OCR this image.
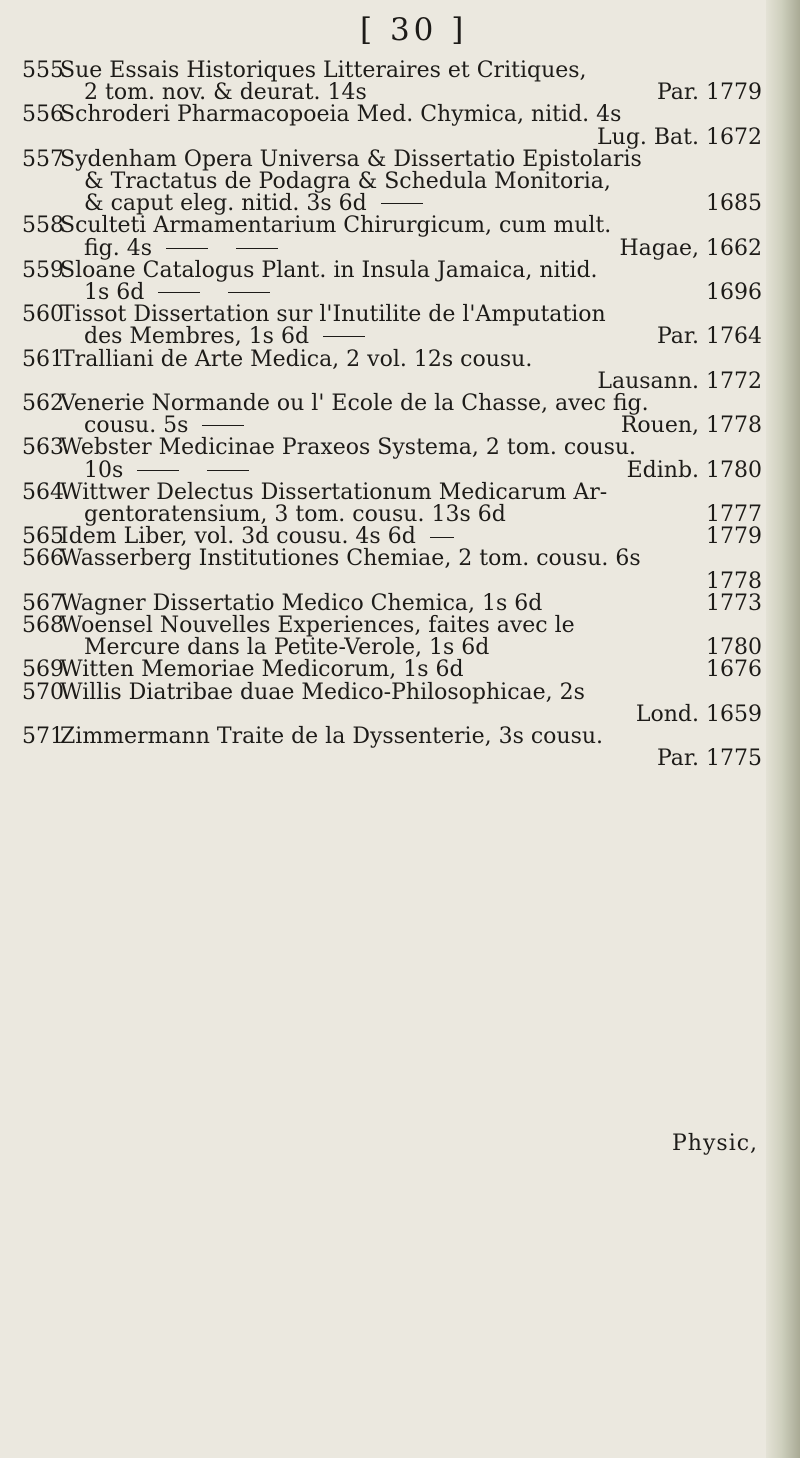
[ 30 ]
555
Sue Essais Historiques Litteraires et Critiques,
2 tom. nov. & deurat. 14s	Par. 1779
556
Schroderi Pharmacopoeia Med. Chymica, nitid. 4s
Lug. Bat. 1672
557
Sydenham Opera Universa & Dissertatio Epistolaris
& Tractatus de Podagra & Schedula Monitoria,
& caput eleg. nitid. 3s 6d	1685
558
Sculteti Armamentarium Chirurgicum, cum mult.
fig. 4s	Hagae, 1662
559
Sloane Catalogus Plant. in Insula Jamaica, nitid.
1s 6d	1696
560
Tissot Dissertation sur l'Inutilite de l'Amputation
des Membres, 1s 6d	Par. 1764
561
Tralliani de Arte Medica, 2 vol. 12s cousu.
Lausann. 1772
562
Venerie Normande ou l' Ecole de la Chasse, avec fig.
cousu. 5s	Rouen, 1778
563
Webster Medicinae Praxeos Systema, 2 tom. cousu.
10s	Edinb. 1780
564
Wittwer Delectus Dissertationum Medicarum Ar-
gentoratensium, 3 tom. cousu. 13s 6d	1777
565
Idem Liber, vol. 3d cousu. 4s 6d	1779
566
Wasserberg Institutiones Chemiae, 2 tom. cousu. 6s
1778
567
Wagner Dissertatio Medico Chemica, 1s 6d	1773
568
Woensel Nouvelles Experiences, faites avec le
Mercure dans la Petite-Verole, 1s 6d	1780
569
Witten Memoriae Medicorum, 1s 6d	1676
570
Willis Diatribae duae Medico-Philosophicae, 2s
Lond. 1659
571
Zimmermann Traite de la Dyssenterie, 3s cousu.
Par. 1775
Physic,
